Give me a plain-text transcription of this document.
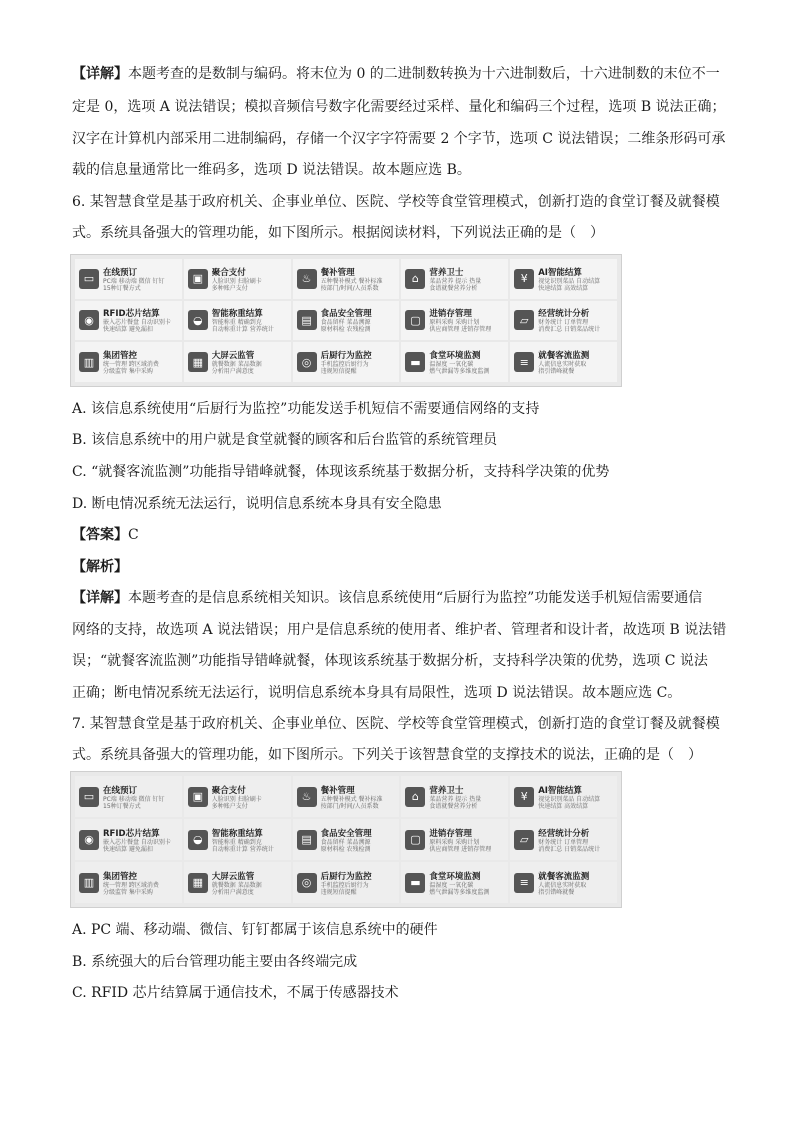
【详解】本题考查的是数制与编码。将末位为 0 的二进制数转换为十六进制数后，十六进制数的末位不一
定是 0，选项 A 说法错误；模拟音频信号数字化需要经过采样、量化和编码三个过程，选项 B 说法正确；
汉字在计算机内部采用二进制编码，存储一个汉字字符需要 2 个字节，选项 C 说法错误；二维条形码可承
载的信息量通常比一维码多，选项 D 说法错误。故本题应选 B。
6. 某智慧食堂是基于政府机关、企事业单位、医院、学校等食堂管理模式，创新打造的食堂订餐及就餐模
式。系统具备强大的管理功能，如下图所示。根据阅读材料，下列说法正确的是（　）
▭	在线预订
PC端 移动端 微信 钉钉
15种订餐方式
▣	聚合支付
人脸识别 扫脸刷卡
多种账户支付
♨	餐补管理
五种餐补模式 餐补标准
按部门/时间/人员系数
⌂	营养卫士
菜品营养 提示 热量
食谱就餐营养分析
¥	AI智能结算
视觉识别菜品 自动结算
快速结算 高效结算
◉	RFID芯片结算
嵌入芯片餐盘 自动识别卡
快速结算 避免漏扣
◒	智能称重结算
智能称重 精确到克
自动称重计算 营养统计
▤	食品安全管理
食品留样 菜品溯源
原材料检 农残检测
▢	进销存管理
原料采购 采购计划
供应商管理 进销存管理
▱	经营统计分析
财务统计 订单管理
消费汇总 日销菜品统计
▥	集团管控
统一管理 跨区域消费
分级监管 集中采购
▦	大屏云监管
就餐数据 菜品数据
分析用户满意度
◎	后厨行为监控
手机监控后厨行为
违规短信提醒
▬	食堂环境监测
温湿度 一氧化碳
燃气泄漏等多维度监测
≡	就餐客流监测
人流信息实时获取
指引错峰就餐
A. 该信息系统使用“后厨行为监控”功能发送手机短信不需要通信网络的支持
B. 该信息系统中的用户就是食堂就餐的顾客和后台监管的系统管理员
C. “就餐客流监测”功能指导错峰就餐，体现该系统基于数据分析，支持科学决策的优势
D. 断电情况系统无法运行，说明信息系统本身具有安全隐患
【答案】C
【解析】
【详解】本题考查的是信息系统相关知识。该信息系统使用“后厨行为监控”功能发送手机短信需要通信
网络的支持，故选项 A 说法错误；用户是信息系统的使用者、维护者、管理者和设计者，故选项 B 说法错
误；“就餐客流监测”功能指导错峰就餐，体现该系统基于数据分析，支持科学决策的优势，选项 C 说法
正确；断电情况系统无法运行，说明信息系统本身具有局限性，选项 D 说法错误。故本题应选 C。
7. 某智慧食堂是基于政府机关、企事业单位、医院、学校等食堂管理模式，创新打造的食堂订餐及就餐模
式。系统具备强大的管理功能，如下图所示。下列关于该智慧食堂的支撑技术的说法，正确的是（　）
▭	在线预订
PC端 移动端 微信 钉钉
15种订餐方式
▣	聚合支付
人脸识别 扫脸刷卡
多种账户支付
♨	餐补管理
五种餐补模式 餐补标准
按部门/时间/人员系数
⌂	营养卫士
菜品营养 提示 热量
食谱就餐营养分析
¥	AI智能结算
视觉识别菜品 自动结算
快速结算 高效结算
◉	RFID芯片结算
嵌入芯片餐盘 自动识别卡
快速结算 避免漏扣
◒	智能称重结算
智能称重 精确到克
自动称重计算 营养统计
▤	食品安全管理
食品留样 菜品溯源
原材料检 农残检测
▢	进销存管理
原料采购 采购计划
供应商管理 进销存管理
▱	经营统计分析
财务统计 订单管理
消费汇总 日销菜品统计
▥	集团管控
统一管理 跨区域消费
分级监管 集中采购
▦	大屏云监管
就餐数据 菜品数据
分析用户满意度
◎	后厨行为监控
手机监控后厨行为
违规短信提醒
▬	食堂环境监测
温湿度 一氧化碳
燃气泄漏等多维度监测
≡	就餐客流监测
人流信息实时获取
指引错峰就餐
A. PC 端、移动端、微信、钉钉都属于该信息系统中的硬件
B. 系统强大的后台管理功能主要由各终端完成
C. RFID 芯片结算属于通信技术，不属于传感器技术
